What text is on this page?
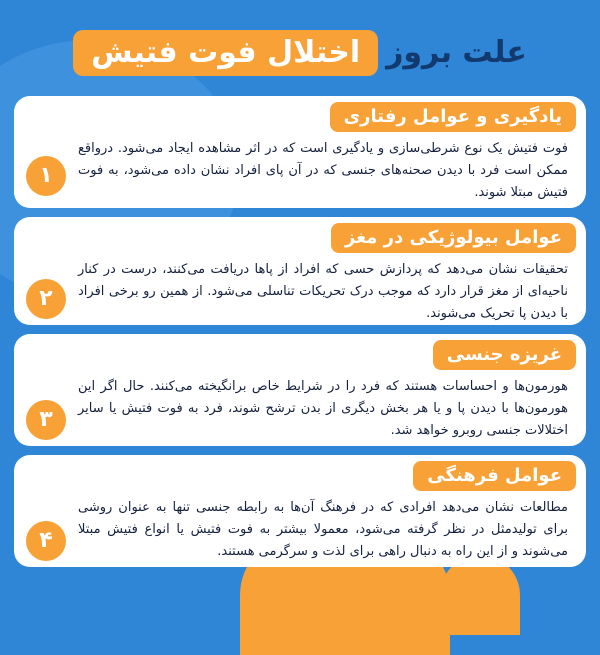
علت بروز
اختلال فوت فتیش
یادگیری و عوامل رفتاری
فوت فتیش یک نوع شرطی‌سازی و یادگیری است که در اثر مشاهده ایجاد می‌شود. درواقع ممکن است فرد با دیدن صحنه‌های جنسی که در آن پای افراد نشان داده می‌شود، به فوت فتیش مبتلا شوند.
۱
عوامل بیولوژیکی در مغز
تحقیقات نشان می‌دهد که پردازش حسی که افراد از پاها دریافت می‌کنند، درست در کنار ناحیه‌ای از مغز قرار دارد که موجب درک تحریکات تناسلی می‌شود. از همین رو برخی افراد با دیدن پا تحریک می‌شوند.
۲
غریزه جنسی
هورمون‌ها و احساسات هستند که فرد را در شرایط خاص برانگیخته می‌کنند. حال اگر این هورمون‌ها با دیدن پا و یا هر بخش دیگری از بدن ترشح شوند، فرد به فوت فتیش یا سایر اختلالات جنسی روبرو خواهد شد.
۳
عوامل فرهنگی
مطالعات نشان می‌دهد افرادی که در فرهنگ آن‌ها به رابطه جنسی تنها به عنوان روشی برای تولیدمثل در نظر گرفته می‌شود، معمولا بیشتر به فوت فتیش یا انواع فتیش مبتلا می‌شوند و از این راه به دنبال راهی برای لذت و سرگرمی هستند.
۴
